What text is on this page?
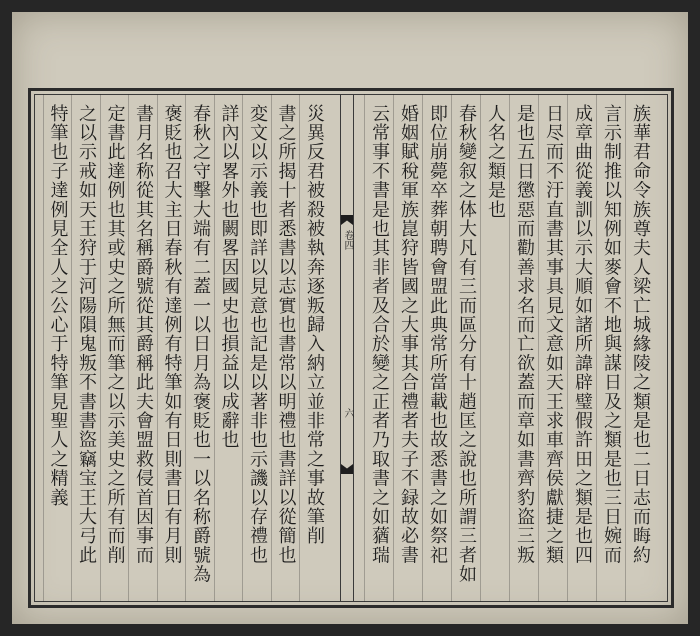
卷四
六	族華君命令族尊夫人梁亡城緣陵之類是也二日志而晦約
言示制推以知例如麥會不地與謀日及之類是也三日婉而
成章曲從義訓以示大順如諸所諱辟璧假許田之類是也四
日尽而不汙直書其事具見文意如天王求車齊侯獻捷之類
是也五日懲惡而勸善求名而亡欲蓋而章如書齊豹盗三叛
人名之類是也
春秋變叙之体大凡有三而區分有十趙匡之說也所謂三者如
即位崩薨卒葬朝聘會盟此典常所當載也故悉書之如祭祀
婚姻賦稅軍族崑狩皆國之大事其合禮者夫子不録故必書
云常事不書是也其非者及合於變之正者乃取書之如蕕瑞
災異反君被殺被執奔逐叛歸入納立並非常之事故筆削
書之所揭十者悉書以志實也書常以明禮也書詳以從簡也
変文以示義也即詳以見意也記是以著非也示譏以存禮也
詳內以畧外也闕畧因國史也損益以成辭也
春秋之守擊大端有二蓋一以日月為褒貶也一以名称爵號為
褒貶也召大主日春秋有達例有特筆如有日則書日有月則
書月名称從其名稱爵號從其爵稱此夫會盟救侵首因事而
定書此達例也其或史之所無而筆之以示美史之所有而削
之以示戒如天王狩于河陽隕鬼叛不書書盜竊宝王大弓此
特筆也子達例見全人之公心于特筆見聖人之精義
